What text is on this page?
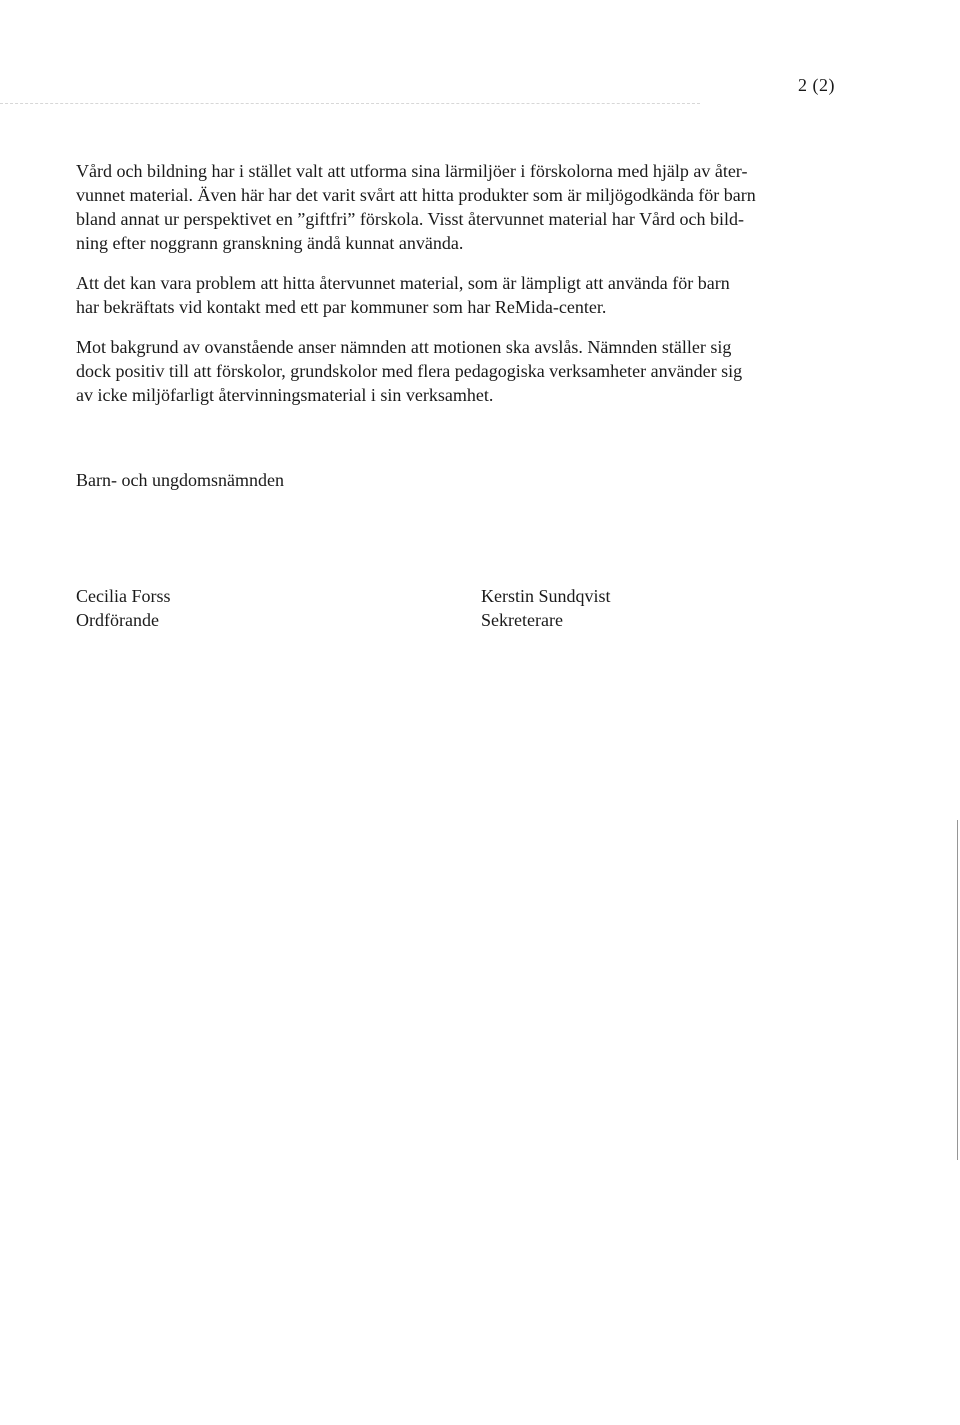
2 (2)

Vård och bildning har i stället valt att utforma sina lärmiljöer i förskolorna med hjälp av åter-

vunnet material. Även här har det varit svårt att hitta produkter som är miljögodkända för barn

bland annat ur perspektivet en ”giftfri” förskola. Visst återvunnet material har Vård och bild-

ning efter noggrann granskning ändå kunnat använda.

Att det kan vara problem att hitta återvunnet material, som är lämpligt att använda för barn

har bekräftats vid kontakt med ett par kommuner som har ReMida-center.

Mot bakgrund av ovanstående anser nämnden att motionen ska avslås. Nämnden ställer sig

dock positiv till att förskolor, grundskolor med flera pedagogiska verksamheter använder sig

av icke miljöfarligt återvinningsmaterial i sin verksamhet.

Barn- och ungdomsnämnden

Cecilia Forss

Ordförande

Kerstin Sundqvist

Sekreterare
